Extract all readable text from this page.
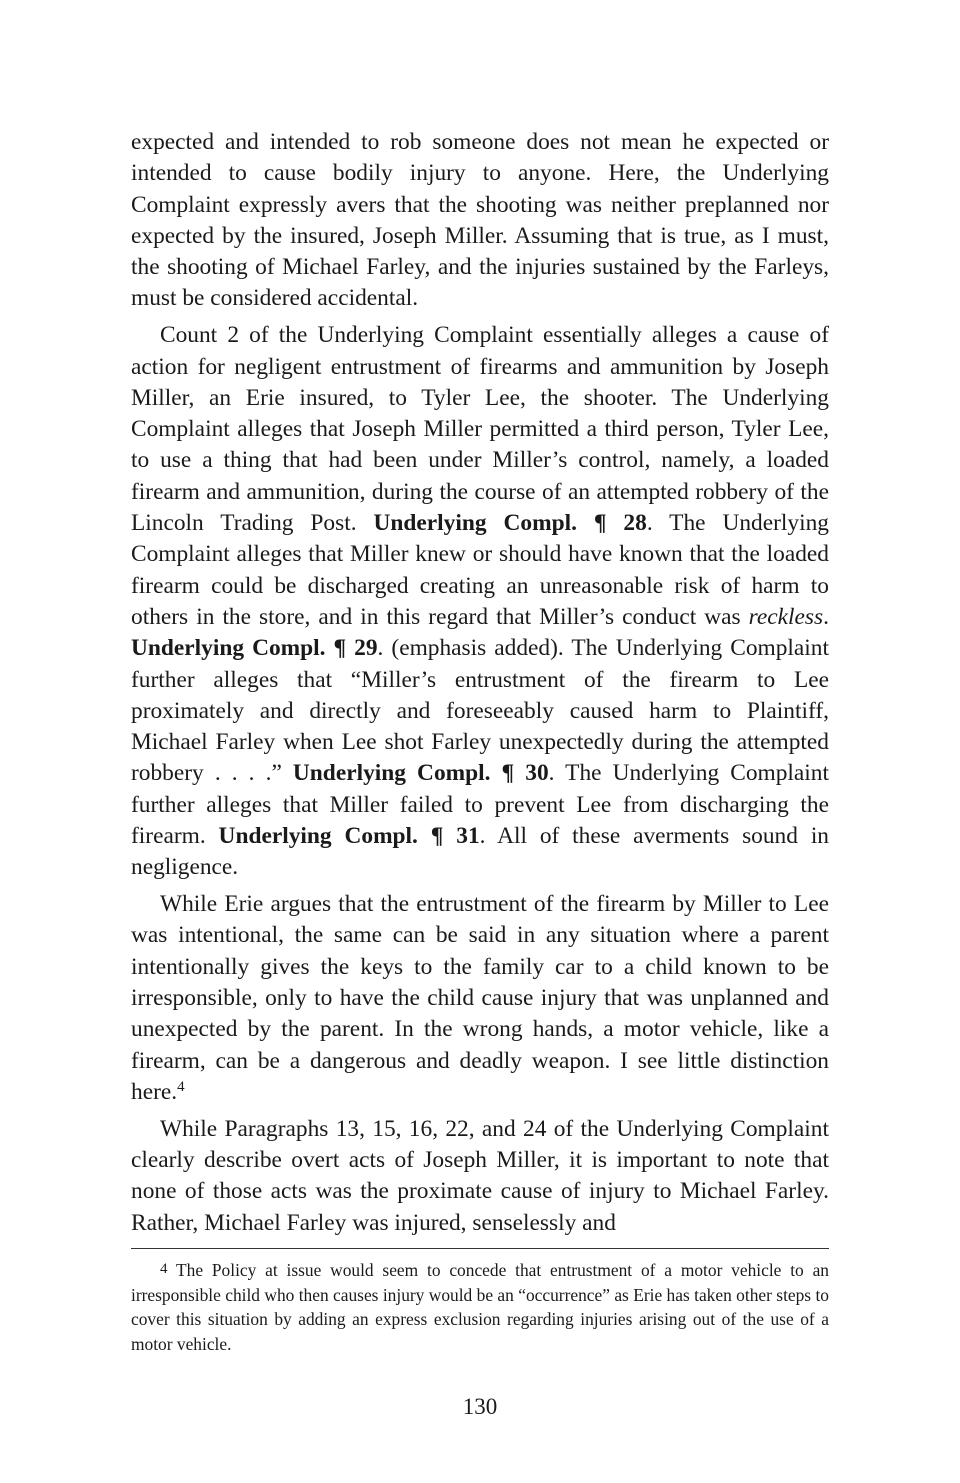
expected and intended to rob someone does not mean he expected or intended to cause bodily injury to anyone. Here, the Underlying Complaint expressly avers that the shooting was neither preplanned nor expected by the insured, Joseph Miller. Assuming that is true, as I must, the shooting of Michael Farley, and the injuries sustained by the Farleys, must be considered accidental.

Count 2 of the Underlying Complaint essentially alleges a cause of action for negligent entrustment of firearms and ammunition by Joseph Miller, an Erie insured, to Tyler Lee, the shooter. The Underlying Complaint alleges that Joseph Miller permitted a third person, Tyler Lee, to use a thing that had been under Miller’s control, namely, a loaded firearm and ammunition, during the course of an attempted robbery of the Lincoln Trading Post. Underlying Compl. ¶ 28. The Underlying Complaint alleges that Miller knew or should have known that the loaded firearm could be discharged creating an unreasonable risk of harm to others in the store, and in this regard that Miller’s conduct was reckless. Underlying Compl. ¶ 29. (emphasis added). The Underlying Complaint further alleges that “Miller’s entrustment of the firearm to Lee proximately and directly and foreseeably caused harm to Plaintiff, Michael Farley when Lee shot Farley unexpectedly during the attempted robbery . . . .” Underlying Compl. ¶ 30. The Underlying Complaint further alleges that Miller failed to prevent Lee from discharging the firearm. Underlying Compl. ¶ 31. All of these averments sound in negligence.

While Erie argues that the entrustment of the firearm by Miller to Lee was intentional, the same can be said in any situation where a parent intentionally gives the keys to the family car to a child known to be irresponsible, only to have the child cause injury that was unplanned and unexpected by the parent. In the wrong hands, a motor vehicle, like a firearm, can be a dangerous and deadly weapon. I see little distinction here.$^4$

While Paragraphs 13, 15, 16, 22, and 24 of the Underlying Complaint clearly describe overt acts of Joseph Miller, it is important to note that none of those acts was the proximate cause of injury to Michael Farley. Rather, Michael Farley was injured, senselessly and

$^4$ The Policy at issue would seem to concede that entrustment of a motor vehicle to an irresponsible child who then causes injury would be an “occurrence” as Erie has taken other steps to cover this situation by adding an express exclusion regarding injuries arising out of the use of a motor vehicle.

130
